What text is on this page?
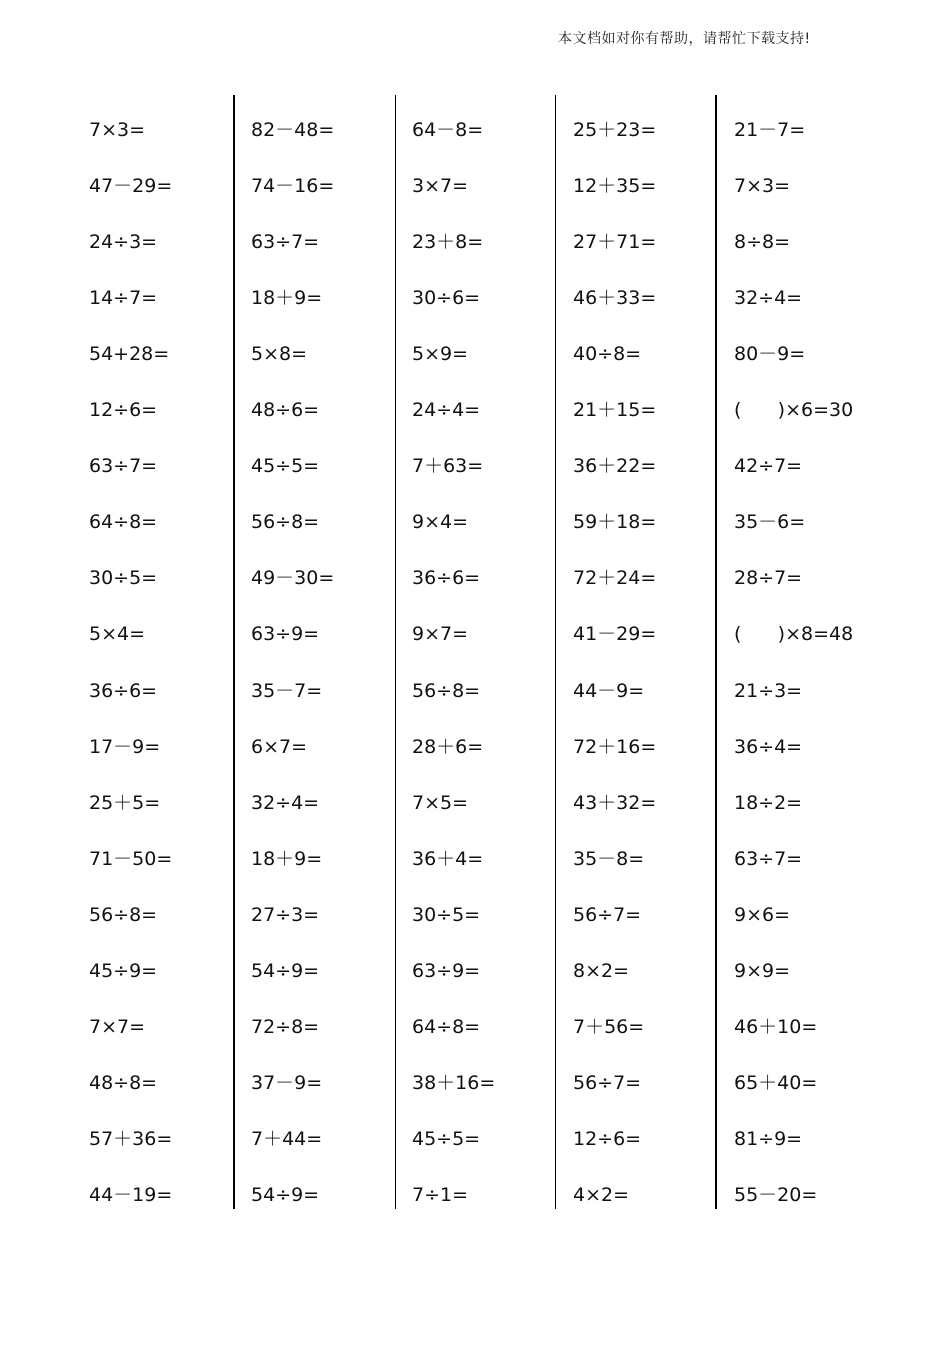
本文档如对你有帮助，请帮忙下载支持!
7×3=
47－29=
24÷3=
14÷7=
54+28=
12÷6=
63÷7=
64÷8=
30÷5=
5×4=
36÷6=
17－9=
25＋5=
71－50=
56÷8=
45÷9=
7×7=
48÷8=
57＋36=
44－19=
82－48=
74－16=
63÷7=
18＋9=
5×8=
48÷6=
45÷5=
56÷8=
49－30=
63÷9=
35－7=
6×7=
32÷4=
18＋9=
27÷3=
54÷9=
72÷8=
37－9=
7＋44=
54÷9=
64－8=
3×7=
23＋8=
30÷6=
5×9=
24÷4=
7＋63=
9×4=
36÷6=
9×7=
56÷8=
28＋6=
7×5=
36＋4=
30÷5=
63÷9=
64÷8=
38＋16=
45÷5=
7÷1=
25＋23=
12＋35=
27＋71=
46＋33=
40÷8=
21＋15=
36＋22=
59＋18=
72＋24=
41－29=
44－9=
72＋16=
43＋32=
35－8=
56÷7=
8×2=
7＋56=
56÷7=
12÷6=
4×2=
21－7=
7×3=
8÷8=
32÷4=
80－9=
(      )×6=30
42÷7=
35－6=
28÷7=
(      )×8=48
21÷3=
36÷4=
18÷2=
63÷7=
9×6=
9×9=
46＋10=
65＋40=
81÷9=
55－20=
